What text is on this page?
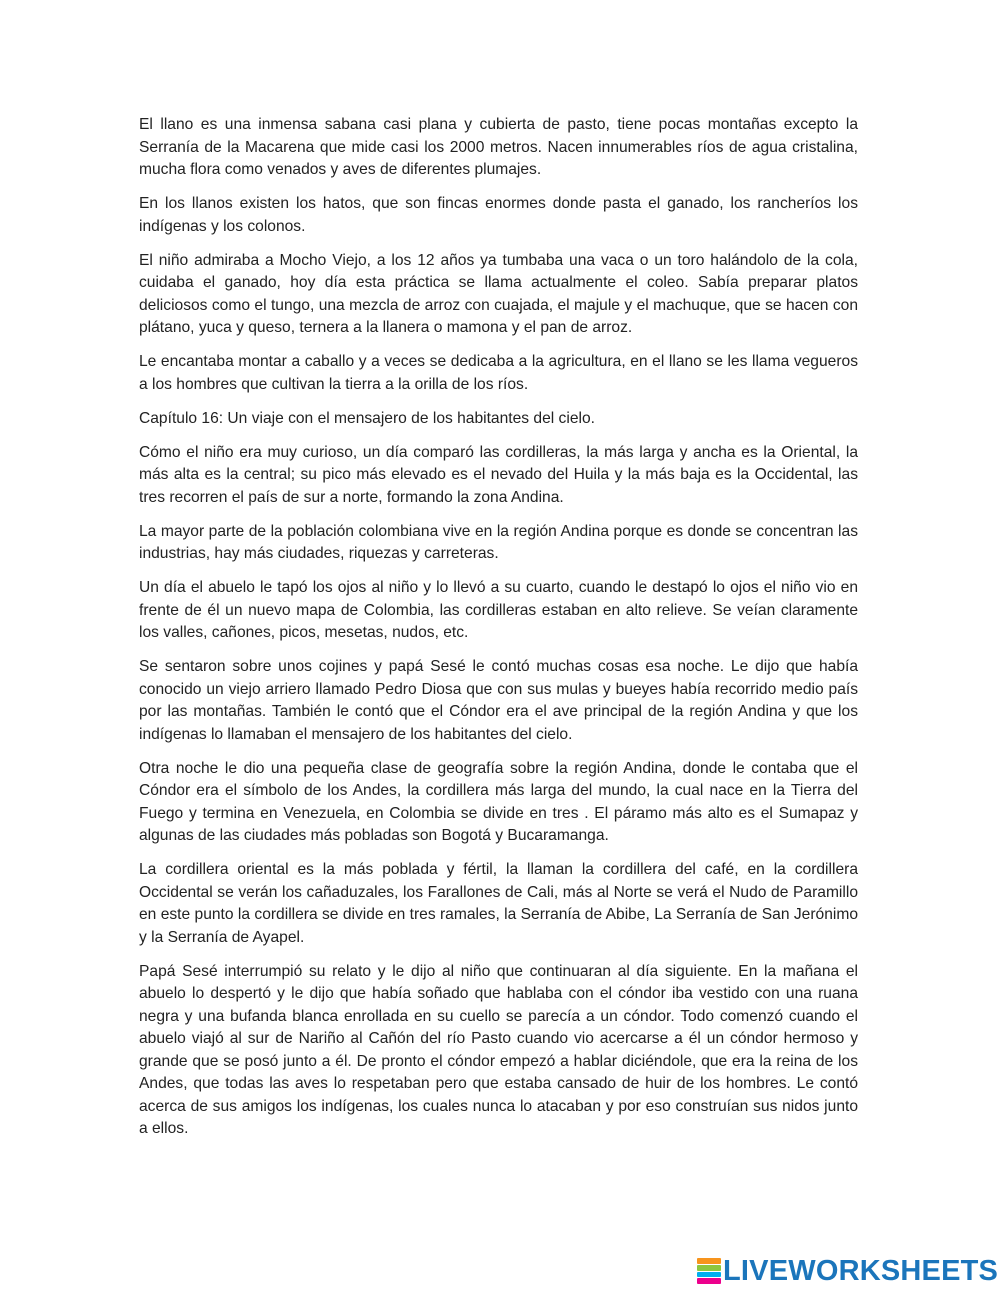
El llano es una inmensa sabana casi plana y cubierta de pasto, tiene pocas montañas excepto la Serranía de la Macarena que mide casi los 2000 metros. Nacen innumerables ríos de agua cristalina, mucha flora como venados y aves de diferentes plumajes.

En los llanos existen los hatos, que son fincas enormes donde pasta el ganado, los rancheríos los indígenas y los colonos.

El niño admiraba a Mocho Viejo, a los 12 años ya tumbaba una vaca o un toro halándolo de la cola, cuidaba el ganado, hoy día esta práctica se llama actualmente el coleo. Sabía preparar platos deliciosos como el tungo, una mezcla de arroz con cuajada, el majule y el machuque, que se hacen con plátano, yuca y queso, ternera a la llanera o mamona y el pan de arroz.

Le encantaba montar a caballo y a veces se dedicaba a la agricultura, en el llano se les llama vegueros a los hombres que cultivan la tierra a la orilla de los ríos.

Capítulo 16: Un viaje con el mensajero de los habitantes del cielo.

Cómo el niño era muy curioso, un día comparó las cordilleras, la más larga y ancha es la Oriental, la más alta es la central; su pico más elevado es el nevado del Huila y la más baja es la Occidental, las tres recorren el país de sur a norte, formando la zona Andina.

La mayor parte de la población colombiana vive en la región Andina porque es donde se concentran las industrias, hay más ciudades, riquezas y carreteras.

Un día el abuelo le tapó los ojos al niño y lo llevó a su cuarto, cuando le destapó lo ojos el niño vio en frente de él un nuevo mapa de Colombia, las cordilleras estaban en alto relieve. Se veían claramente los valles, cañones, picos, mesetas, nudos, etc.

Se sentaron sobre unos cojines y papá Sesé le contó muchas cosas esa noche. Le dijo que había conocido un viejo arriero llamado Pedro Diosa que con sus mulas y bueyes había recorrido medio país por las montañas. También le contó que el Cóndor era el ave principal de la región Andina y que los indígenas lo llamaban el mensajero de los habitantes del cielo.

Otra noche le dio una pequeña clase de geografía sobre la región Andina, donde le contaba que el Cóndor era el símbolo de los Andes, la cordillera más larga del mundo, la cual nace en la Tierra del Fuego y termina en Venezuela, en Colombia se divide en tres . El páramo más alto es el Sumapaz y algunas de las ciudades más pobladas son Bogotá y Bucaramanga.

La cordillera oriental es la más poblada y fértil, la llaman la cordillera del café, en la cordillera Occidental se verán los cañaduzales, los Farallones de Cali, más al Norte se verá el Nudo de Paramillo en este punto la cordillera se divide en tres ramales, la Serranía de Abibe, La Serranía de San Jerónimo y la Serranía de Ayapel.

Papá Sesé interrumpió su relato y le dijo al niño que continuaran al día siguiente. En la mañana el abuelo lo despertó y le dijo que había soñado que hablaba con el cóndor iba vestido con una ruana negra y una bufanda blanca enrollada en su cuello se parecía a un cóndor. Todo comenzó cuando el abuelo viajó al sur de Nariño al Cañón del río Pasto cuando vio acercarse a él un cóndor hermoso y grande que se posó junto a él. De pronto el cóndor empezó a hablar diciéndole, que era la reina de los Andes, que todas las aves lo respetaban pero que estaba cansado de huir de los hombres. Le contó acerca de sus amigos los indígenas, los cuales nunca lo atacaban y por eso construían sus nidos junto a ellos.

LIVEWORKSHEETS
